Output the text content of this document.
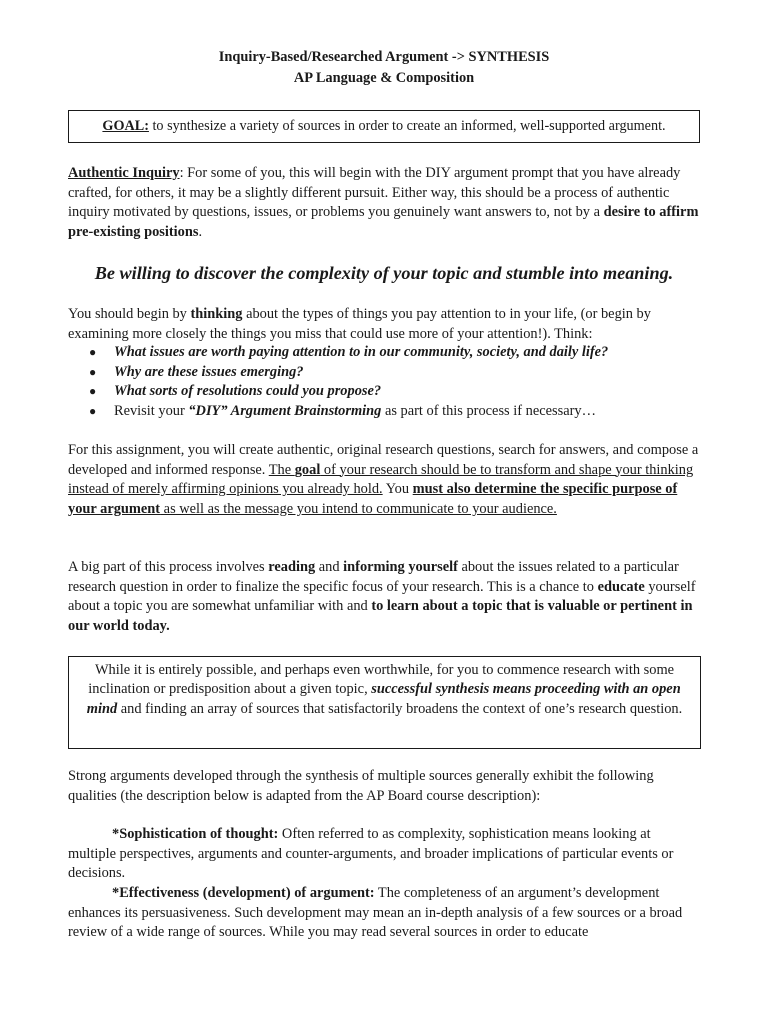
Inquiry-Based/Researched Argument -> SYNTHESIS
AP Language & Composition
GOAL: to synthesize a variety of sources in order to create an informed, well-supported argument.
Authentic Inquiry: For some of you, this will begin with the DIY argument prompt that you have already crafted, for others, it may be a slightly different pursuit. Either way, this should be a process of authentic inquiry motivated by questions, issues, or problems you genuinely want answers to, not by a desire to affirm pre-existing positions.
Be willing to discover the complexity of your topic and stumble into meaning.
You should begin by thinking about the types of things you pay attention to in your life, (or begin by examining more closely the things you miss that could use more of your attention!). Think:
● What issues are worth paying attention to in our community, society, and daily life?
● Why are these issues emerging?
● What sorts of resolutions could you propose?
● Revisit your “DIY” Argument Brainstorming as part of this process if necessary…
For this assignment, you will create authentic, original research questions, search for answers, and compose a developed and informed response. The goal of your research should be to transform and shape your thinking instead of merely affirming opinions you already hold. You must also determine the specific purpose of your argument as well as the message you intend to communicate to your audience.
A big part of this process involves reading and informing yourself about the issues related to a particular research question in order to finalize the specific focus of your research. This is a chance to educate yourself about a topic you are somewhat unfamiliar with and to learn about a topic that is valuable or pertinent in our world today.
While it is entirely possible, and perhaps even worthwhile, for you to commence research with some inclination or predisposition about a given topic, successful synthesis means proceeding with an open mind and finding an array of sources that satisfactorily broadens the context of one’s research question.
Strong arguments developed through the synthesis of multiple sources generally exhibit the following qualities (the description below is adapted from the AP Board course description):
*Sophistication of thought: Often referred to as complexity, sophistication means looking at multiple perspectives, arguments and counter-arguments, and broader implications of particular events or decisions.
*Effectiveness (development) of argument: The completeness of an argument’s development enhances its persuasiveness. Such development may mean an in-depth analysis of a few sources or a broad review of a wide range of sources. While you may read several sources in order to educate
